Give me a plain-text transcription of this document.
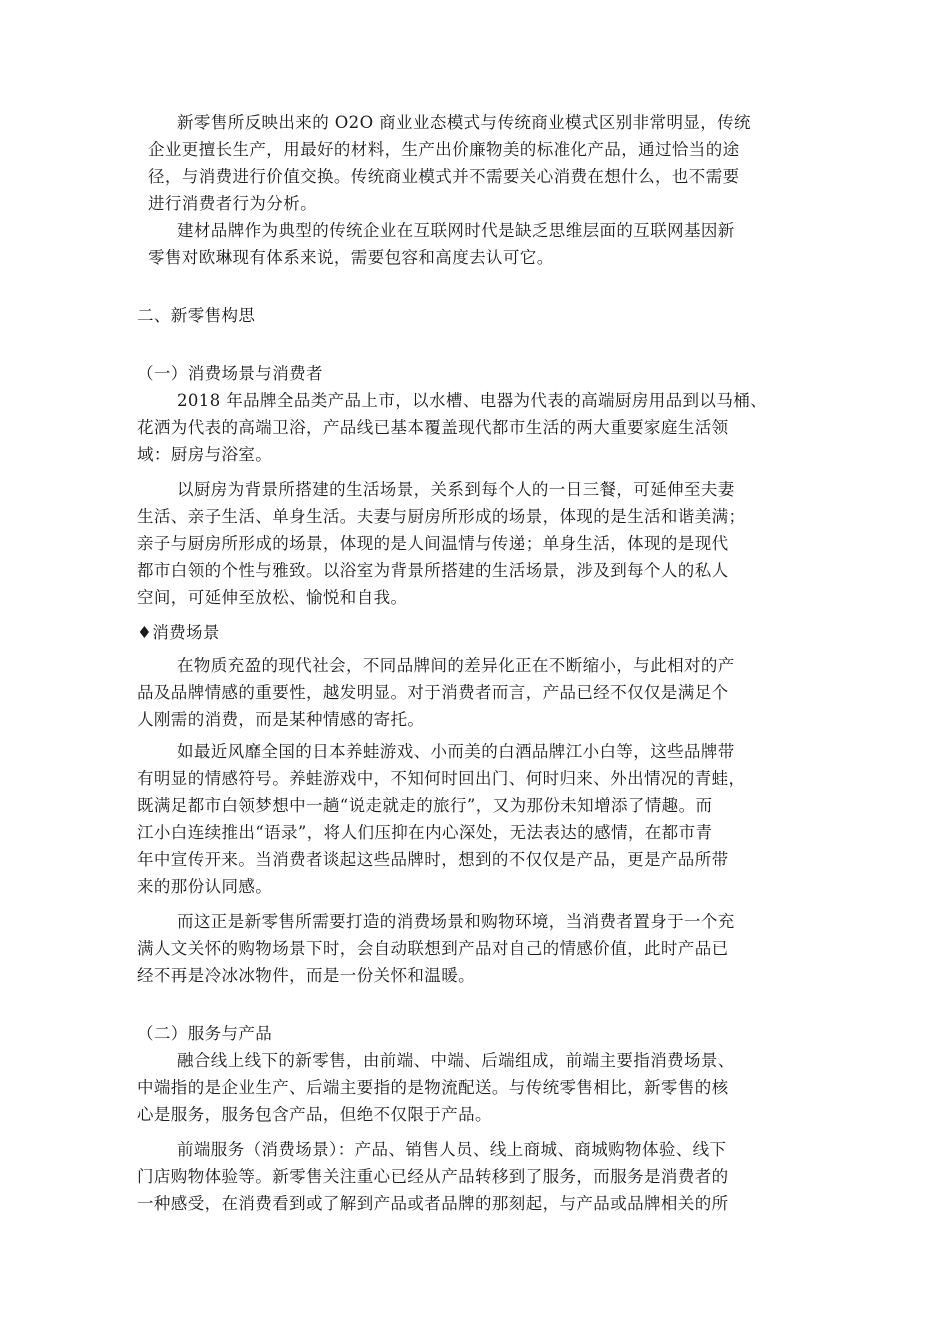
新零售所反映出来的 O2O 商业业态模式与传统商业模式区别非常明显，传统
企业更擅长生产，用最好的材料，生产出价廉物美的标准化产品，通过恰当的途
径，与消费进行价值交换。传统商业模式并不需要关心消费在想什么，也不需要
进行消费者行为分析。
建材品牌作为典型的传统企业在互联网时代是缺乏思维层面的互联网基因新
零售对欧琳现有体系来说，需要包容和高度去认可它。
二、新零售构思
（一）消费场景与消费者
2018 年品牌全品类产品上市，以水槽、电器为代表的高端厨房用品到以马桶、
花洒为代表的高端卫浴，产品线已基本覆盖现代都市生活的两大重要家庭生活领
域：厨房与浴室。
以厨房为背景所搭建的生活场景，关系到每个人的一日三餐，可延伸至夫妻
生活、亲子生活、单身生活。夫妻与厨房所形成的场景，体现的是生活和谐美满；
亲子与厨房所形成的场景，体现的是人间温情与传递；单身生活，体现的是现代
都市白领的个性与雅致。以浴室为背景所搭建的生活场景，涉及到每个人的私人
空间，可延伸至放松、愉悦和自我。
♦消费场景
在物质充盈的现代社会，不同品牌间的差异化正在不断缩小，与此相对的产
品及品牌情感的重要性，越发明显。对于消费者而言，产品已经不仅仅是满足个
人刚需的消费，而是某种情感的寄托。
如最近风靡全国的日本养蛙游戏、小而美的白酒品牌江小白等，这些品牌带
有明显的情感符号。养蛙游戏中，不知何时回出门、何时归来、外出情况的青蛙，
既满足都市白领梦想中一趟“说走就走的旅行”，又为那份未知增添了情趣。而
江小白连续推出“语录”，将人们压抑在内心深处，无法表达的感情，在都市青
年中宣传开来。当消费者谈起这些品牌时，想到的不仅仅是产品，更是产品所带
来的那份认同感。
而这正是新零售所需要打造的消费场景和购物环境，当消费者置身于一个充
满人文关怀的购物场景下时，会自动联想到产品对自己的情感价值，此时产品已
经不再是冷冰冰物件，而是一份关怀和温暖。
（二）服务与产品
融合线上线下的新零售，由前端、中端、后端组成，前端主要指消费场景、
中端指的是企业生产、后端主要指的是物流配送。与传统零售相比，新零售的核
心是服务，服务包含产品，但绝不仅限于产品。
前端服务（消费场景）：产品、销售人员、线上商城、商城购物体验、线下
门店购物体验等。新零售关注重心已经从产品转移到了服务，而服务是消费者的
一种感受，在消费看到或了解到产品或者品牌的那刻起，与产品或品牌相关的所
